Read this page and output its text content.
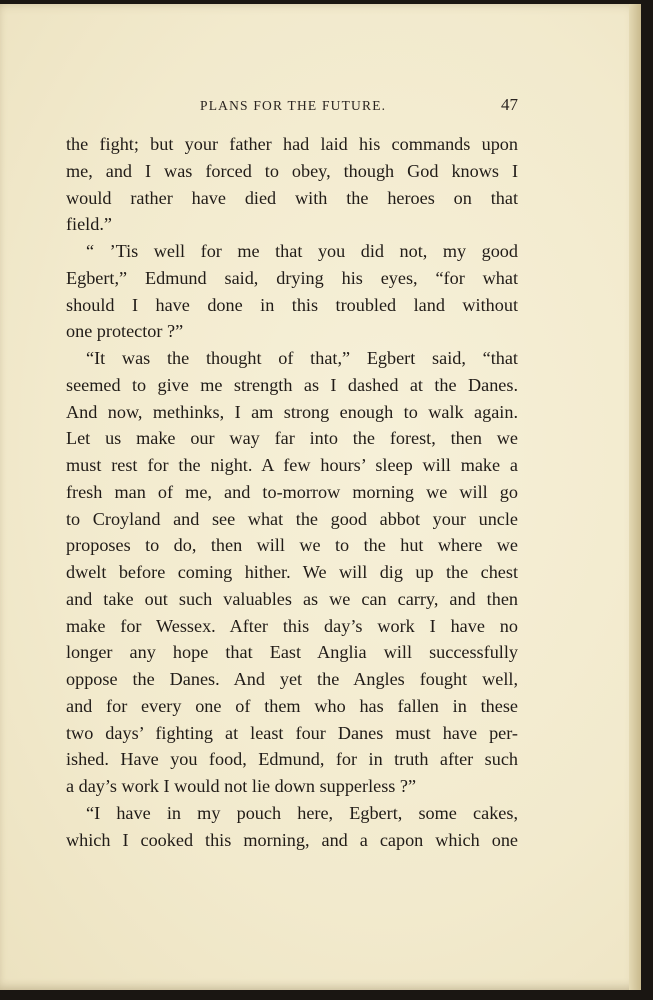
PLANS FOR THE FUTURE.	47
the fight; but your father had laid his commands upon
me, and I was forced to obey, though God knows I
would rather have died with the heroes on that
field.”
“ ’Tis well for me that you did not, my good
Egbert,” Edmund said, drying his eyes, “for what
should I have done in this troubled land without
one protector ?”
“It was the thought of that,” Egbert said, “that
seemed to give me strength as I dashed at the Danes.
And now, methinks, I am strong enough to walk again.
Let us make our way far into the forest, then we
must rest for the night. A few hours’ sleep will make a
fresh man of me, and to-morrow morning we will go
to Croyland and see what the good abbot your uncle
proposes to do, then will we to the hut where we
dwelt before coming hither. We will dig up the chest
and take out such valuables as we can carry, and then
make for Wessex. After this day’s work I have no
longer any hope that East Anglia will successfully
oppose the Danes. And yet the Angles fought well,
and for every one of them who has fallen in these
two days’ fighting at least four Danes must have per-
ished. Have you food, Edmund, for in truth after such
a day’s work I would not lie down supperless ?”
“I have in my pouch here, Egbert, some cakes,
which I cooked this morning, and a capon which one
